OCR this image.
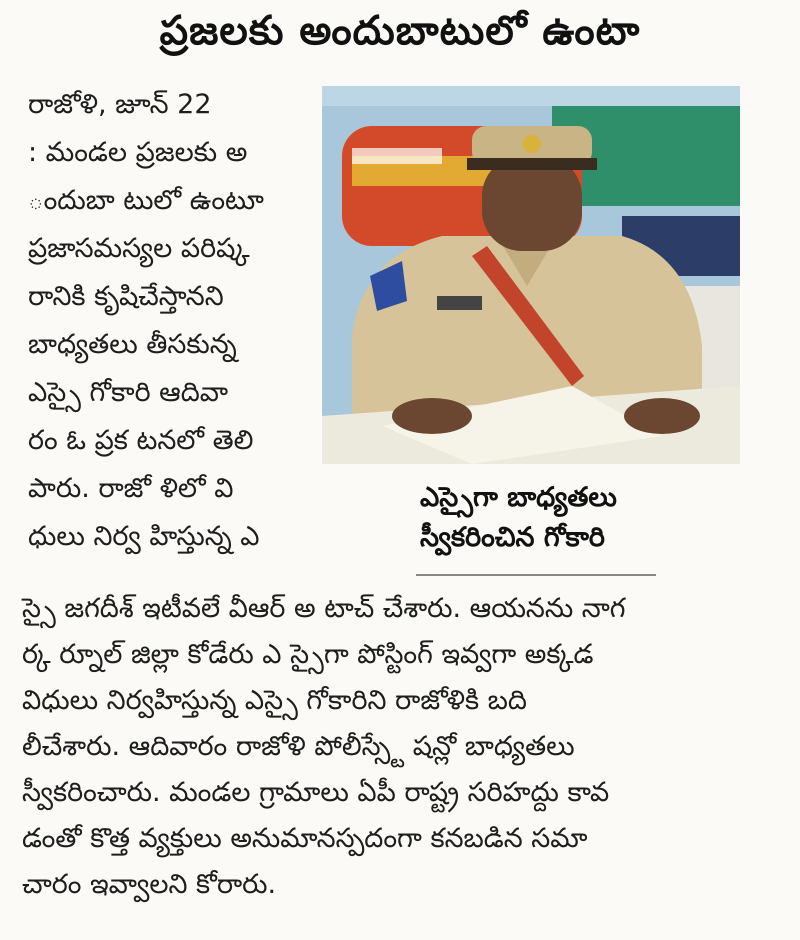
ప్రజలకు అందుబాటులో ఉంటా
రాజోళి, జూన్ 22
: మండల ప్రజలకు అ
ందుబా టులో ఉంటూ
ప్రజాసమస్యల పరిష్క
రానికి కృషిచేస్తానని
బాధ్యతలు తీసకున్న
ఎస్సై గోకారి ఆదివా
రం ఓ ప్రక టనలో తెలి
పారు. రాజో ళిలో వి
ధులు నిర్వ హిస్తున్న ఎ
ఎస్సైగా బాధ్యతలు
స్వీకరించిన గోకారి
స్సై జగదీశ్ ఇటీవలే వీఆర్ అ టాచ్ చేశారు. ఆయనను నాగ
ర్క ర్నూల్ జిల్లా కోడేరు ఎ స్సైగా పోస్టింగ్ ఇవ్వగా అక్కడ
విధులు నిర్వహిస్తున్న ఎస్సై గోకారిని రాజోళికి బది
లీచేశారు. ఆదివారం రాజోళి పోలీస్స్టే షన్లో బాధ్యతలు
స్వీకరించారు. మండల గ్రామాలు ఏపీ రాష్ట్ర సరిహద్దు కావ
డంతో కొత్త వ్యక్తులు అనుమానస్పదంగా కనబడిన సమా
చారం ఇవ్వాలని కోరారు.
